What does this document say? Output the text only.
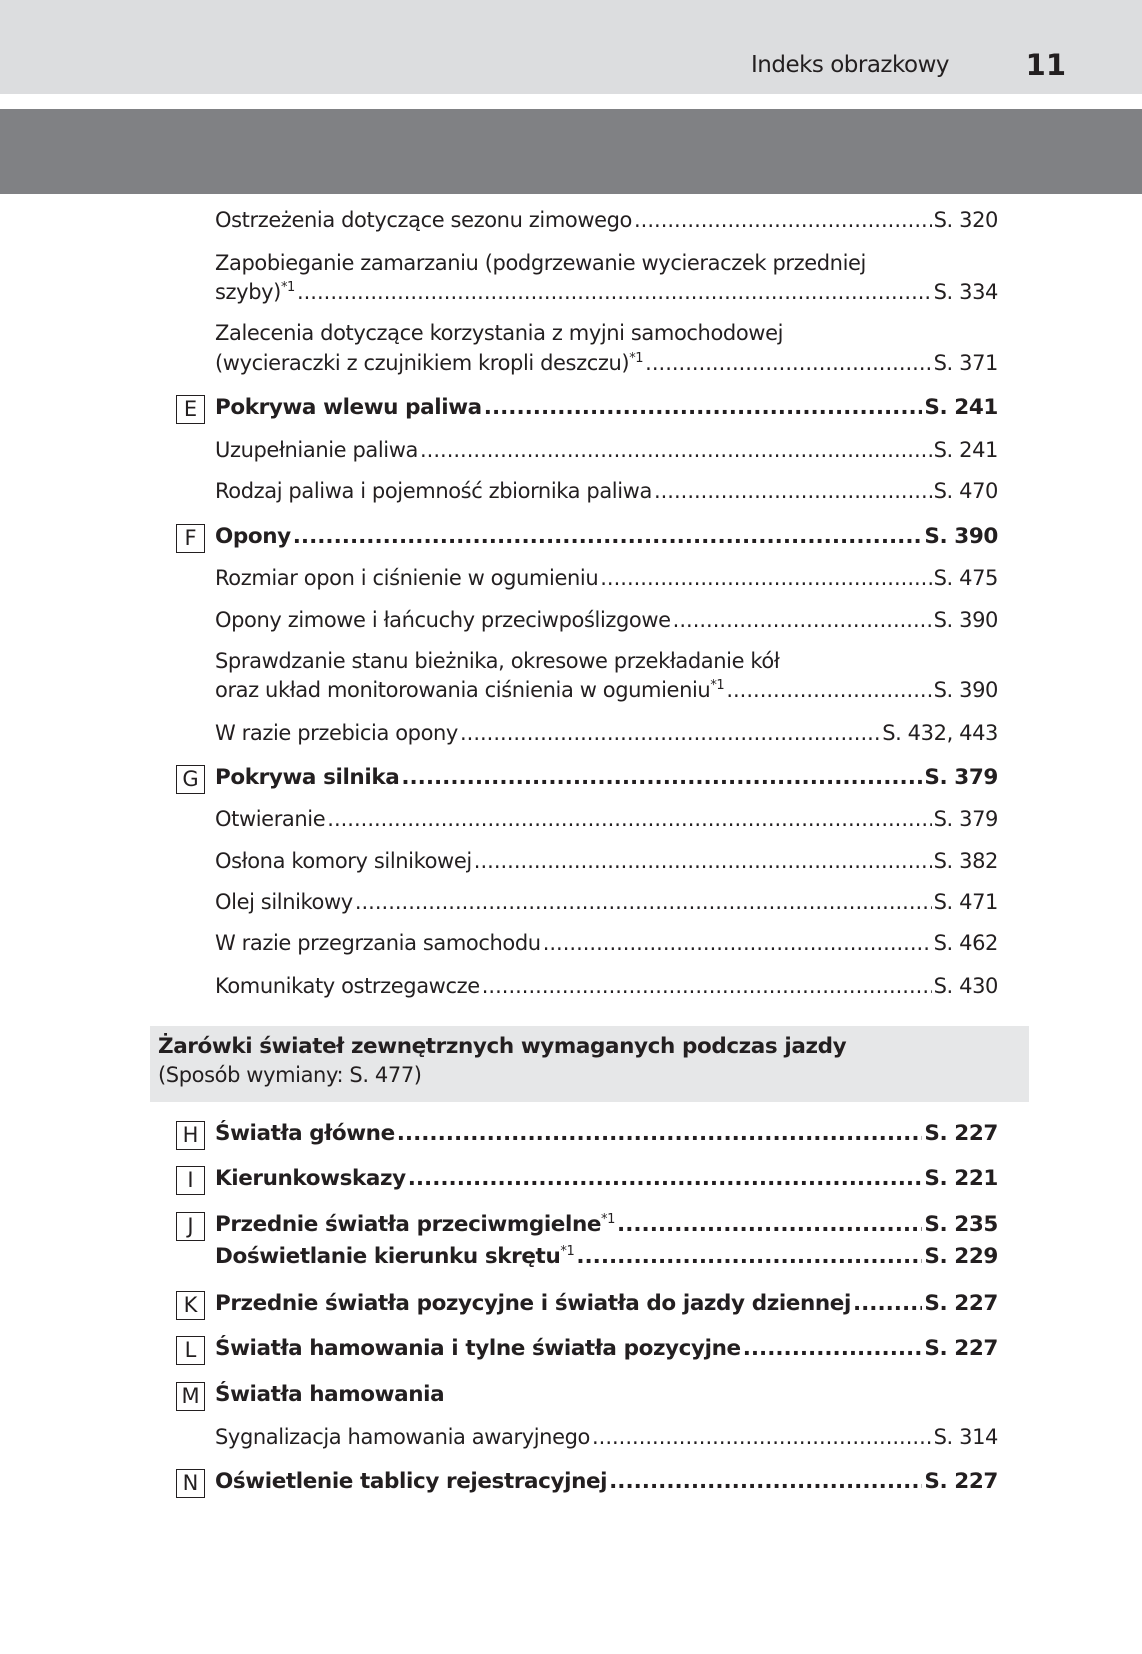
Indeks obrazkowy	11
Żarówki świateł zewnętrznych wymaganych podczas jazdy
(Sposób wymiany: S. 477)
Ostrzeżenia dotyczące sezonu zimowego .....	S. 320
Zapobieganie zamarzaniu (podgrzewanie wycieraczek przedniej
szyby)$^{*1}$ .....	S. 334
Zalecenia dotyczące korzystania z myjni samochodowej
(wycieraczki z czujnikiem kropli deszczu)$^{*1}$ .....	S. 371
Pokrywa wlewu paliwa .....	S. 241
E
Uzupełnianie paliwa .....	S. 241
Rodzaj paliwa i pojemność zbiornika paliwa .....	S. 470
Opony .....	S. 390
F
Rozmiar opon i ciśnienie w ogumieniu .....	S. 475
Opony zimowe i łańcuchy przeciwpoślizgowe .....	S. 390
Sprawdzanie stanu bieżnika, okresowe przekładanie kół
oraz układ monitorowania ciśnienia w ogumieniu$^{*1}$ .....	S. 390
W razie przebicia opony .....	S. 432, 443
Pokrywa silnika .....	S. 379
G
Otwieranie .....	S. 379
Osłona komory silnikowej .....	S. 382
Olej silnikowy .....	S. 471
W razie przegrzania samochodu .....	S. 462
Komunikaty ostrzegawcze .....	S. 430
Światła główne .....	S. 227
H
Kierunkowskazy .....	S. 221
I
Przednie światła przeciwmgielne$^{*1}$ .....	S. 235
J
Doświetlanie kierunku skrętu$^{*1}$ .....	S. 229
Przednie światła pozycyjne i światła do jazdy dziennej .....	S. 227
K
Światła hamowania i tylne światła pozycyjne .....	S. 227
L
Światła hamowania
M
Sygnalizacja hamowania awaryjnego .....	S. 314
Oświetlenie tablicy rejestracyjnej .....	S. 227
N
